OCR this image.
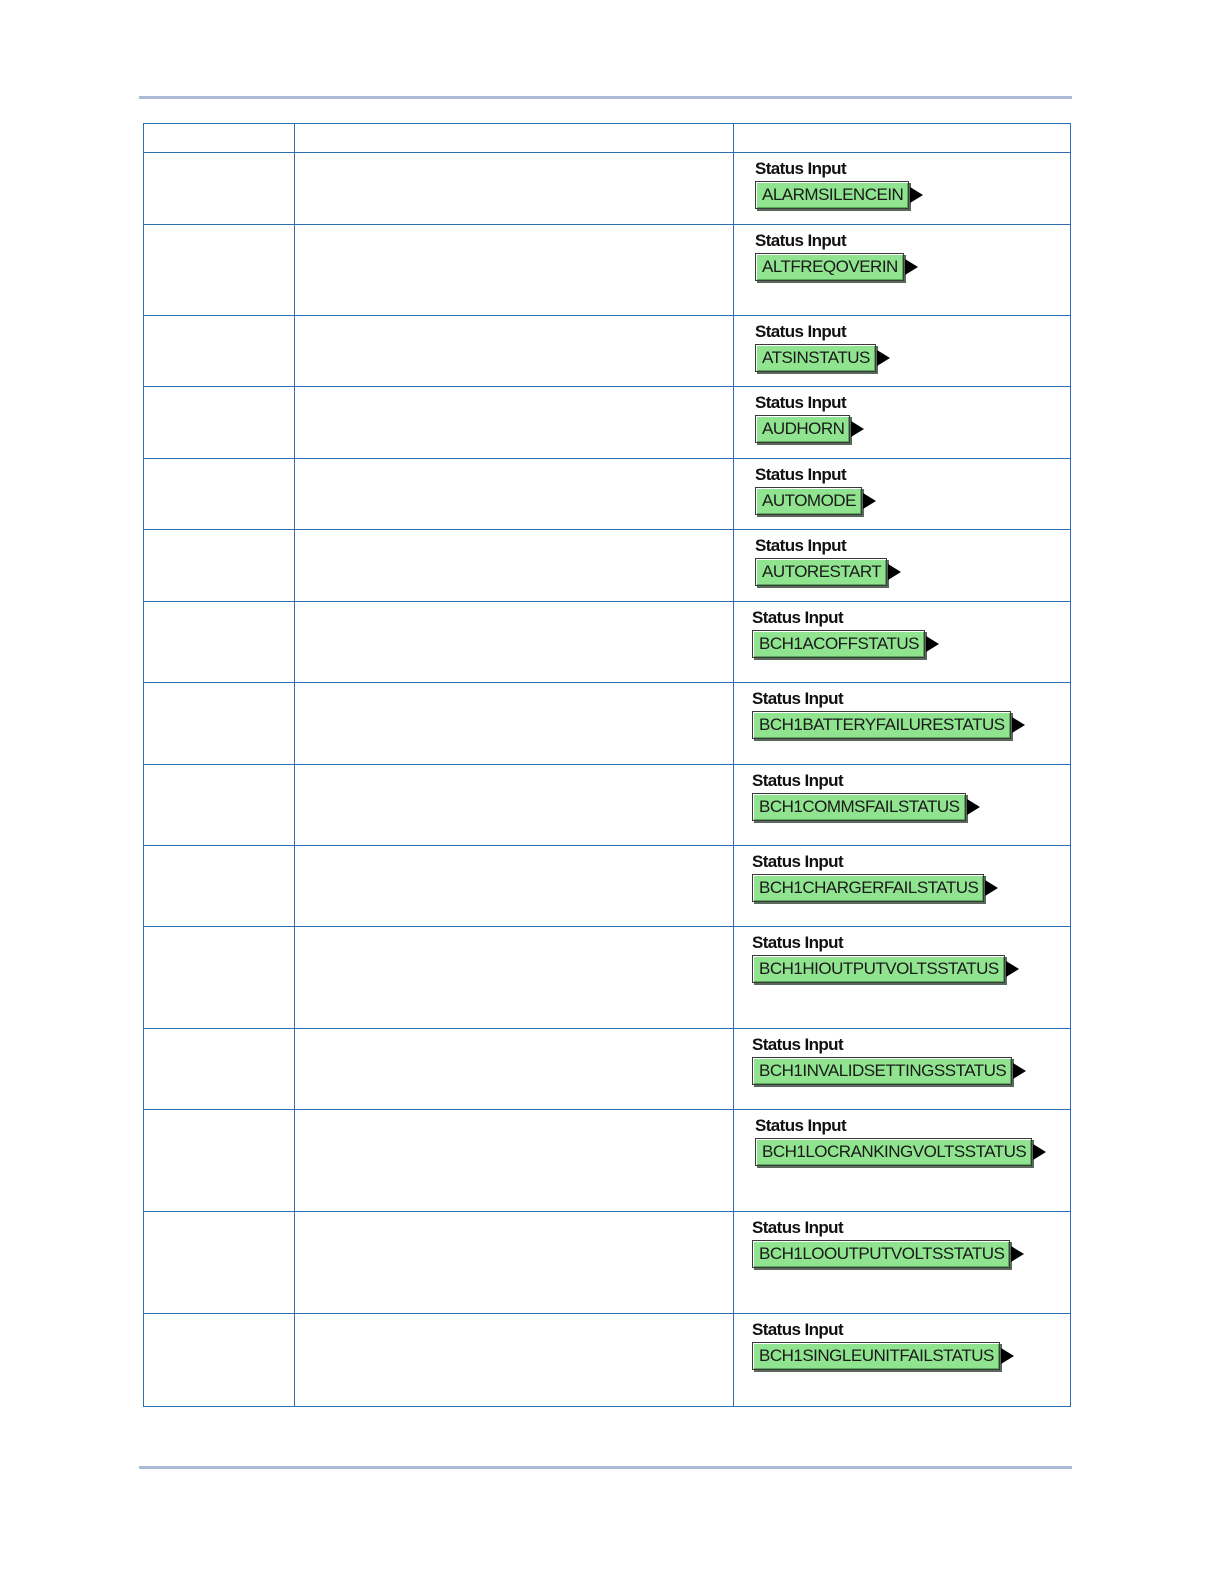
		Status Input
ALARMSILENCEIN

		Status Input
ALTFREQOVERIN

		Status Input
ATSINSTATUS

		Status Input
AUDHORN

		Status Input
AUTOMODE

		Status Input
AUTORESTART

		Status Input
BCH1ACOFFSTATUS

		Status Input
BCH1BATTERYFAILURESTATUS

		Status Input
BCH1COMMSFAILSTATUS

		Status Input
BCH1CHARGERFAILSTATUS

		Status Input
BCH1HIOUTPUTVOLTSSTATUS

		Status Input
BCH1INVALIDSETTINGSSTATUS

		Status Input
BCH1LOCRANKINGVOLTSSTATUS

		Status Input
BCH1LOOUTPUTVOLTSSTATUS

		Status Input
BCH1SINGLEUNITFAILSTATUS
